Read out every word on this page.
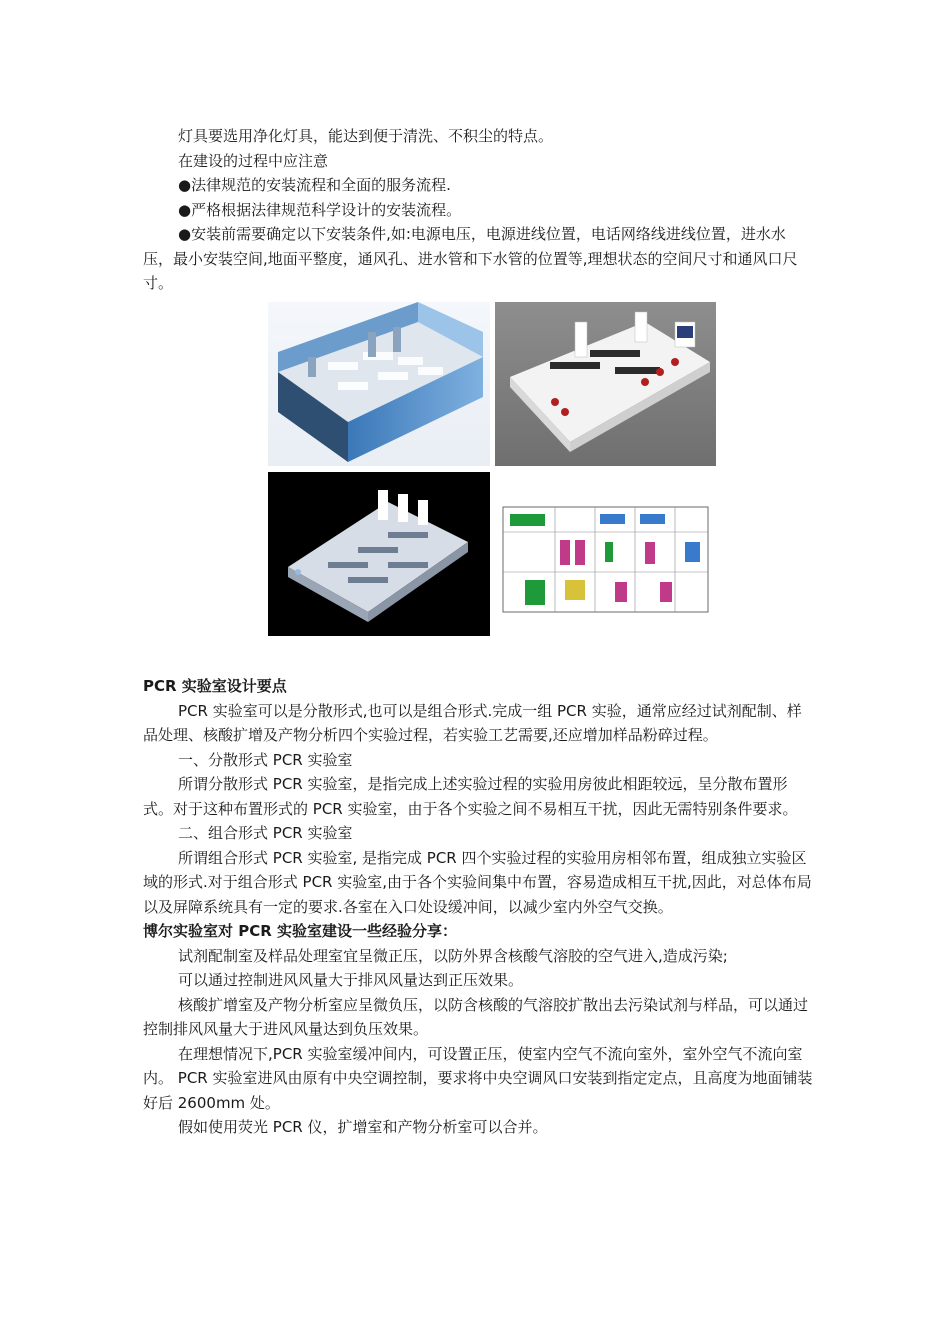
灯具要选用净化灯具，能达到便于清洗、不积尘的特点。

在建设的过程中应注意

●法律规范的安装流程和全面的服务流程.

●严格根据法律规范科学设计的安装流程。

●安装前需要确定以下安装条件,如:电源电压，电源进线位置，电话网络线进线位置，进水水压，最小安装空间,地面平整度，通风孔、进水管和下水管的位置等,理想状态的空间尺寸和通风口尺寸。

PCR 实验室设计要点

PCR 实验室可以是分散形式,也可以是组合形式.完成一组 PCR 实验，通常应经过试剂配制、样品处理、核酸扩增及产物分析四个实验过程，若实验工艺需要,还应增加样品粉碎过程。

一、分散形式 PCR 实验室

所谓分散形式 PCR 实验室，是指完成上述实验过程的实验用房彼此相距较远，呈分散布置形式。对于这种布置形式的 PCR 实验室，由于各个实验之间不易相互干扰，因此无需特别条件要求。

二、组合形式 PCR 实验室

所谓组合形式 PCR 实验室, 是指完成 PCR 四个实验过程的实验用房相邻布置，组成独立实验区域的形式.对于组合形式 PCR 实验室,由于各个实验间集中布置，容易造成相互干扰,因此，对总体布局以及屏障系统具有一定的要求.各室在入口处设缓冲间，以减少室内外空气交换。

博尔实验室对 PCR 实验室建设一些经验分享：

试剂配制室及样品处理室宜呈微正压，以防外界含核酸气溶胶的空气进入,造成污染;

可以通过控制进风风量大于排风风量达到正压效果。

核酸扩增室及产物分析室应呈微负压，以防含核酸的气溶胶扩散出去污染试剂与样品，可以通过控制排风风量大于进风风量达到负压效果。

在理想情况下,PCR 实验室缓冲间内，可设置正压，使室内空气不流向室外，室外空气不流向室内。 PCR 实验室进风由原有中央空调控制，要求将中央空调风口安装到指定定点，且高度为地面铺装好后 2600mm 处。

假如使用荧光 PCR 仪，扩增室和产物分析室可以合并。
